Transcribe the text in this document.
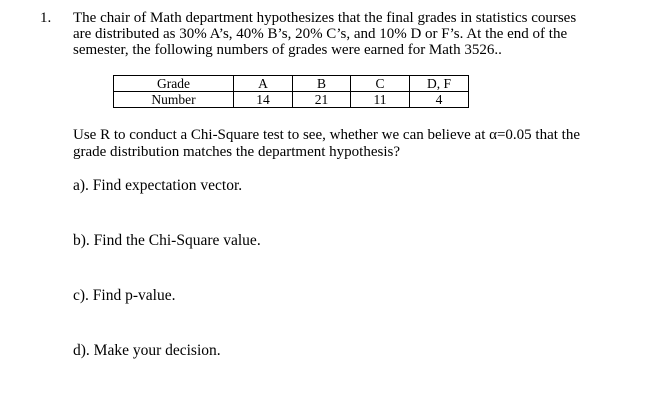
1. The chair of Math department hypothesizes that the final grades in statistics courses
are distributed as 30% A’s, 40% B’s, 20% C’s, and 10% D or F’s. At the end of the
semester, the following numbers of grades were earned for Math 3526..
Grade	A	B	C	D, F
Number	14	21	11	4
Use R to conduct a Chi-Square test to see, whether we can believe at α=0.05 that the
grade distribution matches the department hypothesis?
a). Find expectation vector.
b). Find the Chi-Square value.
c). Find p-value.
d). Make your decision.
